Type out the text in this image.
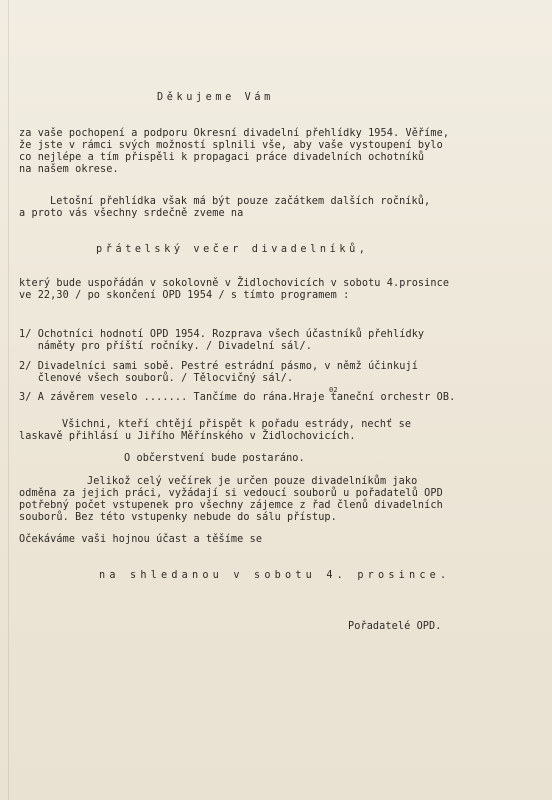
Děkujeme Vám
za vaše pochopení a podporu Okresní divadelní přehlídky 1954. Věříme,
že jste v rámci svých možností splnili vše, aby vaše vystoupení bylo
co nejlépe a tím přispěli k propagaci práce divadelních ochotníků
na našem okrese.
Letošní přehlídka však má být pouze začátkem dalších ročníků,
a proto vás všechny srdečně zveme na
přátelský večer divadelníků,
který bude uspořádán v sokolovně v Židlochovicích v sobotu 4.prosince
ve 22,30 / po skončení OPD 1954 / s tímto programem :
1/ Ochotníci hodnotí OPD 1954. Rozprava všech účastníků přehlídky
náměty pro příští ročníky. / Divadelní sál/.
2/ Divadelníci sami sobě. Pestré estrádní pásmo, v němž účinkují
členové všech souborů. / Tělocvičný sál/.
3/ A závěrem veselo ....... Tančíme do rána.Hraje taneční orchestr OB.
02
Všichni, kteří chtějí přispět k pořadu estrády, nechť se
laskavě přihlásí u Jiřího Měřínského v Židlochovicích.
O občerstvení bude postaráno.
Jelikož celý večírek je určen pouze divadelníkům jako
odměna za jejich práci, vyžádají si vedoucí souborů u pořadatelů OPD
potřebný počet vstupenek pro všechny zájemce z řad členů divadelních
souborů. Bez této vstupenky nebude do sálu přístup.
Očekáváme vaši hojnou účast a těšíme se
na shledanou v sobotu 4. prosince.
Pořadatelé OPD.
